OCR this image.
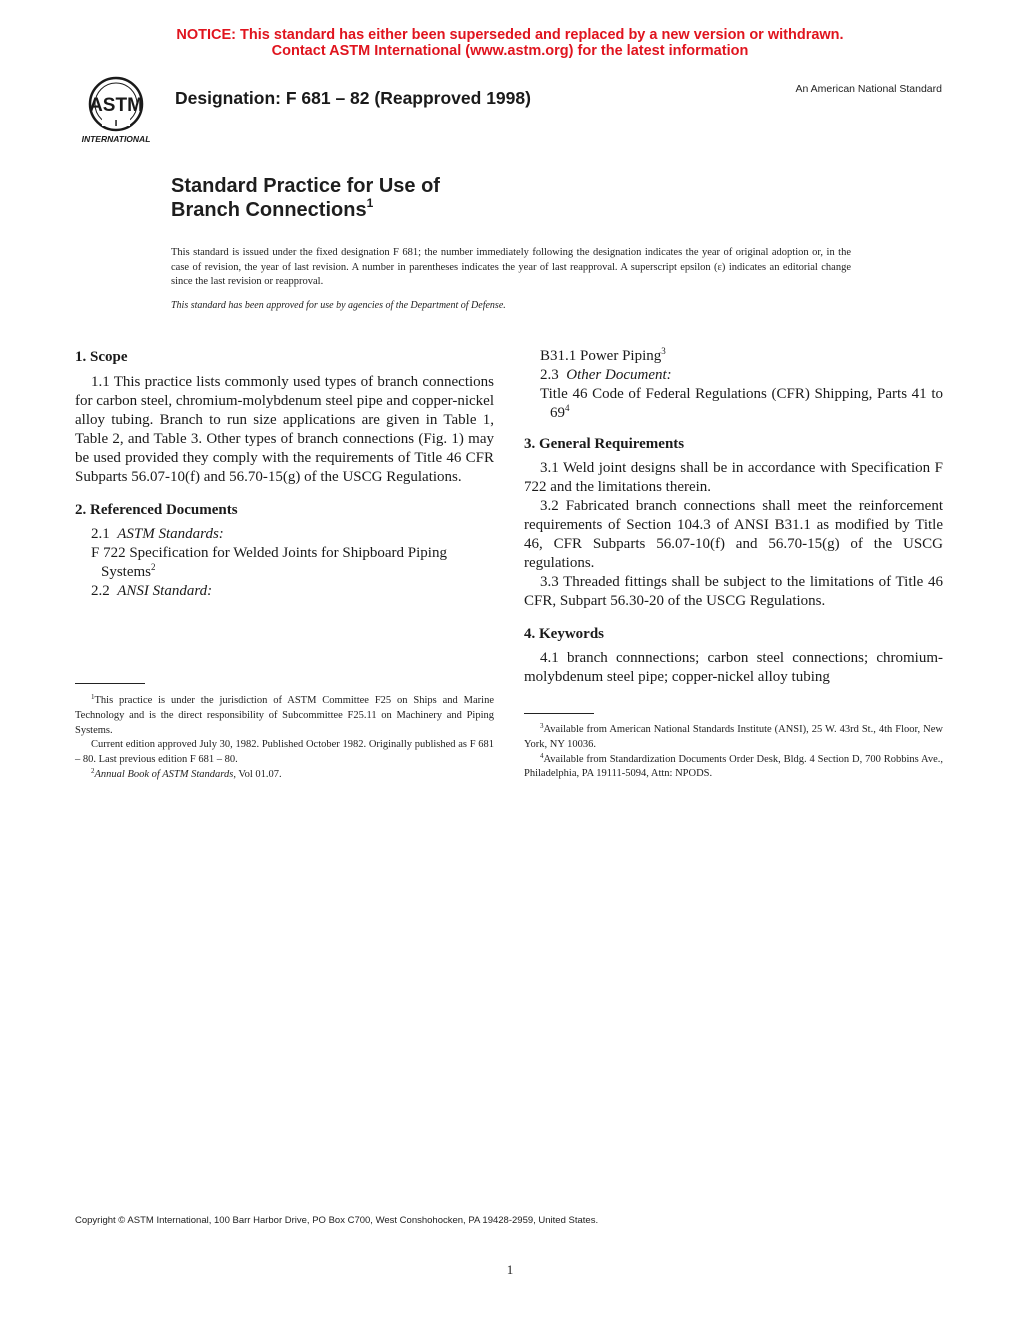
NOTICE: This standard has either been superseded and replaced by a new version or withdrawn.
Contact ASTM International (www.astm.org) for the latest information
ASTM
ı
INTERNATIONAL
Designation: F 681 – 82 (Reapproved 1998)	An American National Standard
Standard Practice for Use of
Branch Connections$^1$
This standard is issued under the fixed designation F 681; the number immediately following the designation indicates the year of original adoption or, in the case of revision, the year of last revision. A number in parentheses indicates the year of last reapproval. A superscript epsilon (ε) indicates an editorial change since the last revision or reapproval.
This standard has been approved for use by agencies of the Department of Defense.

1. Scope

1.1 This practice lists commonly used types of branch connections for carbon steel, chromium-molybdenum steel pipe and copper-nickel alloy tubing. Branch to run size applications are given in Table 1, Table 2, and Table 3. Other types of branch connections (Fig. 1) may be used provided they comply with the requirements of Title 46 CFR Subparts 56.07-10(f) and 56.70-15(g) of the USCG Regulations.

2. Referenced Documents

2.1 ASTM Standards:

F 722 Specification for Welded Joints for Shipboard Piping Systems$^2$

2.2 ANSI Standard:

B31.1 Power Piping$^3$

2.3 Other Document:

Title 46 Code of Federal Regulations (CFR) Shipping, Parts 41 to $69^4$

3. General Requirements

3.1 Weld joint designs shall be in accordance with Specification F 722 and the limitations therein.

3.2 Fabricated branch connections shall meet the reinforcement requirements of Section 104.3 of ANSI B31.1 as modified by Title 46, CFR Subparts 56.07-10(f) and 56.70-15(g) of the USCG regulations.

3.3 Threaded fittings shall be subject to the limitations of Title 46 CFR, Subpart 56.30-20 of the USCG Regulations.

4. Keywords

4.1 branch connnections; carbon steel connections; chromium-molybdenum steel pipe; copper-nickel alloy tubing

$^1$This practice is under the jurisdiction of ASTM Committee F25 on Ships and Marine Technology and is the direct responsibility of Subcommittee F25.11 on Machinery and Piping Systems.

Current edition approved July 30, 1982. Published October 1982. Originally published as F 681 – 80. Last previous edition F 681 – 80.

$^2$Annual Book of ASTM Standards, Vol 01.07.

$^3$Available from American National Standards Institute (ANSI), 25 W. 43rd St., 4th Floor, New York, NY 10036.

$^4$Available from Standardization Documents Order Desk, Bldg. 4 Section D, 700 Robbins Ave., Philadelphia, PA 19111-5094, Attn: NPODS.

Copyright © ASTM International, 100 Barr Harbor Drive, PO Box C700, West Conshohocken, PA 19428-2959, United States.
1
